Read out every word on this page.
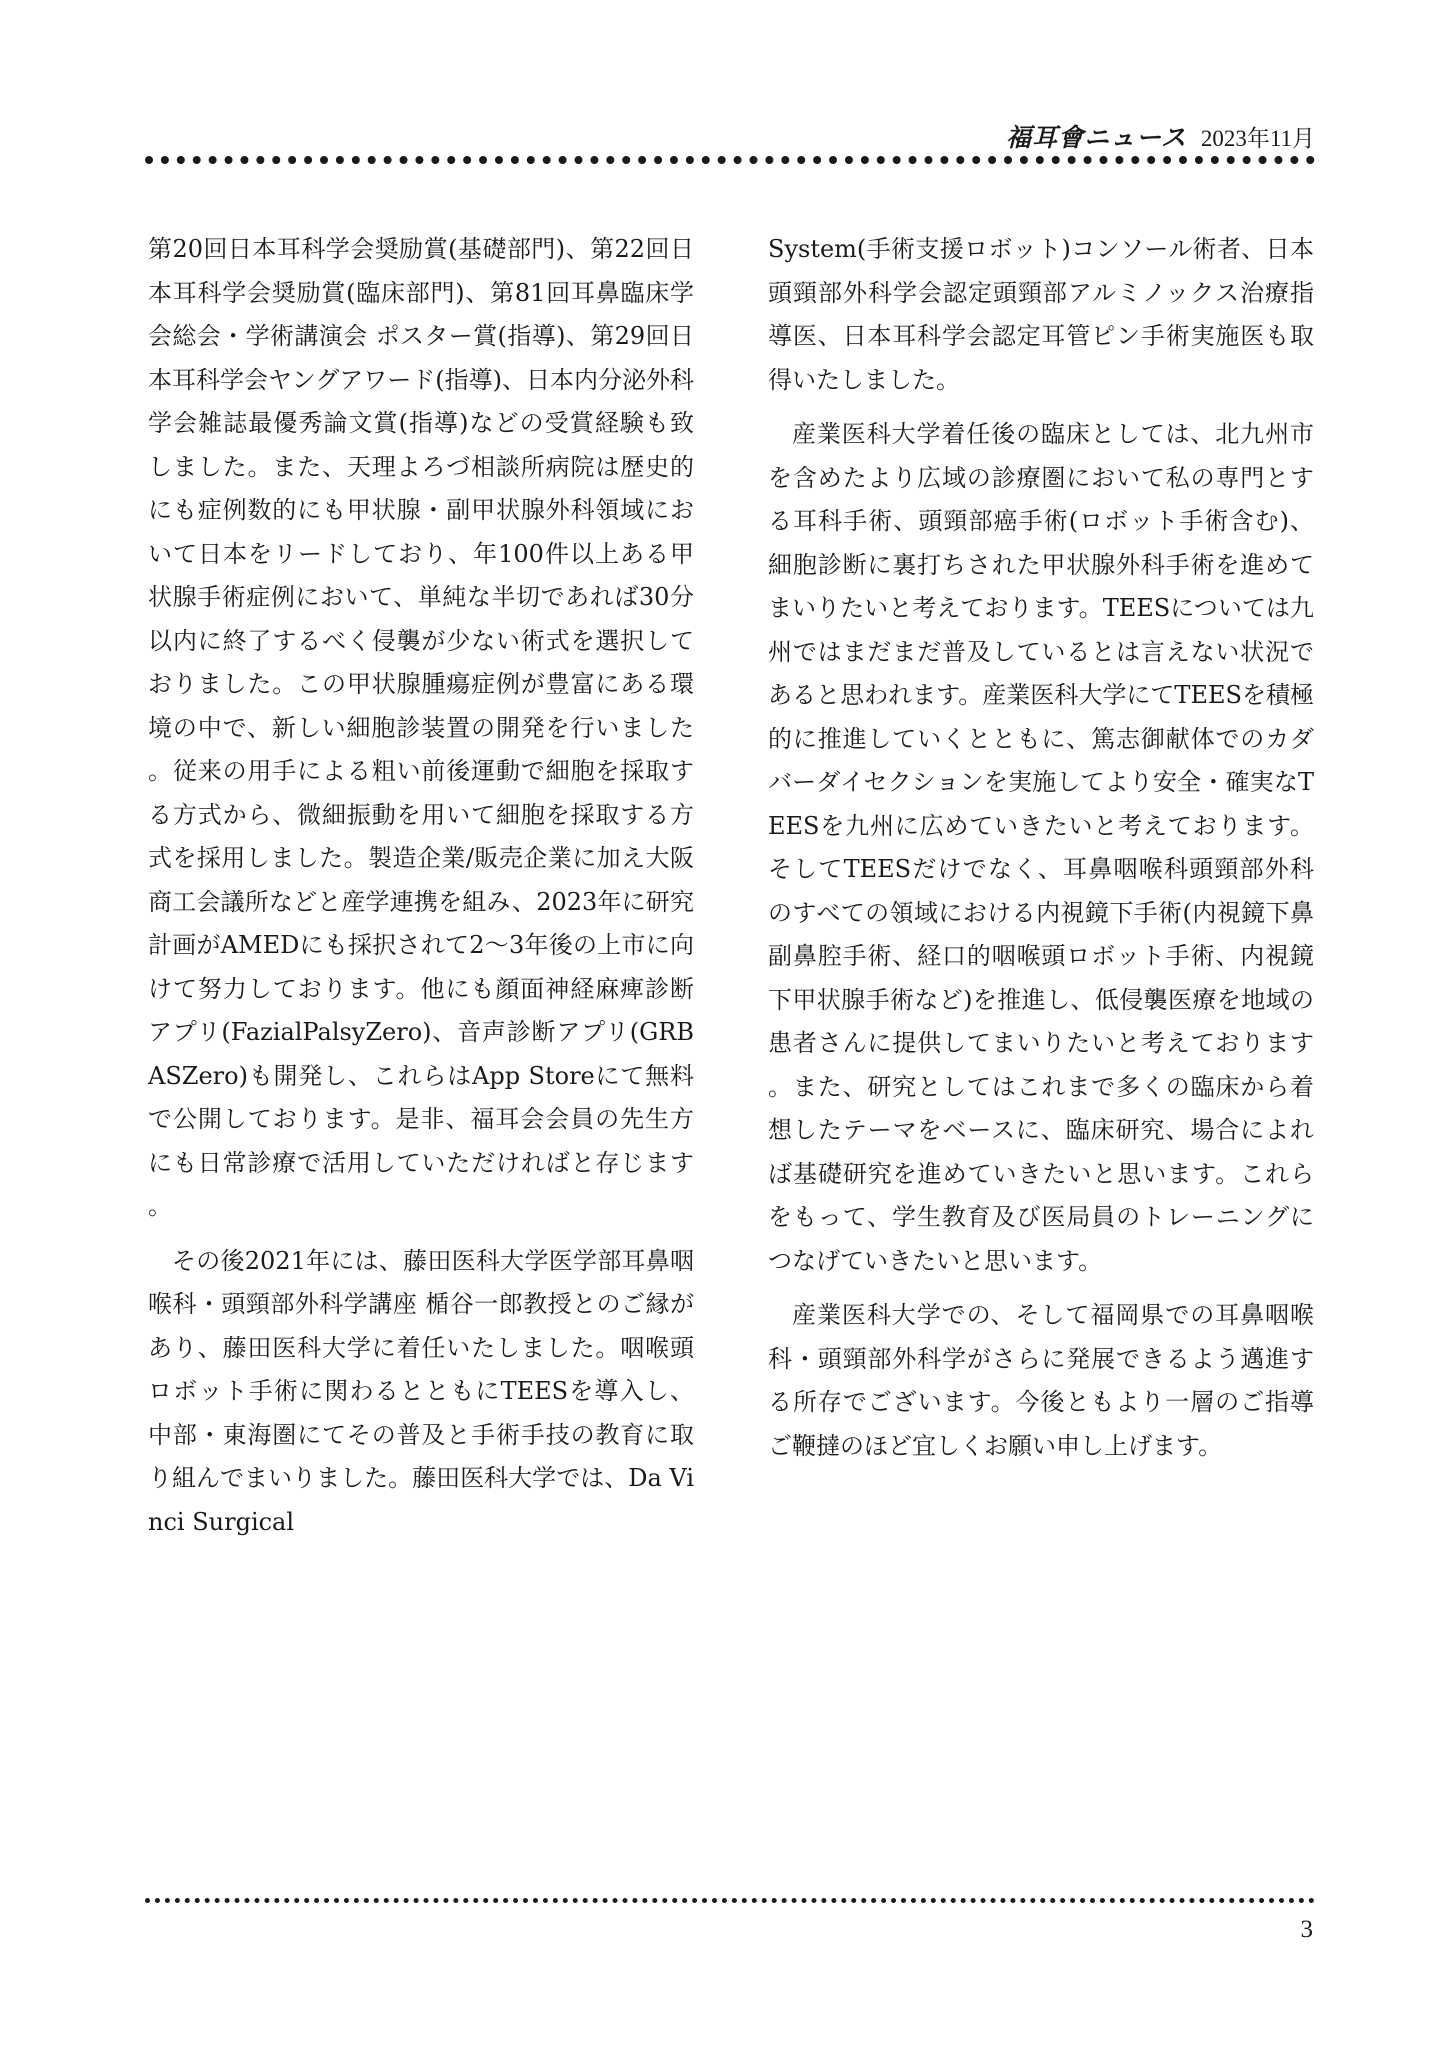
福耳會ニュース 2023年11月

第20回日本耳科学会奨励賞(基礎部門)、第22回日本耳科学会奨励賞(臨床部門)、第81回耳鼻臨床学会総会・学術講演会 ポスター賞(指導)、第29回日本耳科学会ヤングアワード(指導)、日本内分泌外科学会雑誌最優秀論文賞(指導)などの受賞経験も致しました。また、天理よろづ相談所病院は歴史的にも症例数的にも甲状腺・副甲状腺外科領域において日本をリードしており、年100件以上ある甲状腺手術症例において、単純な半切であれば30分以内に終了するべく侵襲が少ない術式を選択しておりました。この甲状腺腫瘍症例が豊富にある環境の中で、新しい細胞診装置の開発を行いました。従来の用手による粗い前後運動で細胞を採取する方式から、微細振動を用いて細胞を採取する方式を採用しました。製造企業/販売企業に加え大阪商工会議所などと産学連携を組み、2023年に研究計画がAMEDにも採択されて2～3年後の上市に向けて努力しております。他にも顔面神経麻痺診断アプリ(FazialPalsyZero)、音声診断アプリ(GRBASZero)も開発し、これらはApp Storeにて無料で公開しております。是非、福耳会会員の先生方にも日常診療で活用していただければと存じます。

その後2021年には、藤田医科大学医学部耳鼻咽喉科・頭頸部外科学講座 楯谷一郎教授とのご縁があり、藤田医科大学に着任いたしました。咽喉頭ロボット手術に関わるとともにTEESを導入し、中部・東海圏にてその普及と手術手技の教育に取り組んでまいりました。藤田医科大学では、Da Vinci Surgical

System(手術支援ロボット)コンソール術者、日本頭頸部外科学会認定頭頸部アルミノックス治療指導医、日本耳科学会認定耳管ピン手術実施医も取得いたしました。

産業医科大学着任後の臨床としては、北九州市を含めたより広域の診療圏において私の専門とする耳科手術、頭頸部癌手術(ロボット手術含む)、細胞診断に裏打ちされた甲状腺外科手術を進めてまいりたいと考えております。TEESについては九州ではまだまだ普及しているとは言えない状況であると思われます。産業医科大学にてTEESを積極的に推進していくとともに、篤志御献体でのカダバーダイセクションを実施してより安全・確実なTEESを九州に広めていきたいと考えております。そしてTEESだけでなく、耳鼻咽喉科頭頸部外科のすべての領域における内視鏡下手術(内視鏡下鼻副鼻腔手術、経口的咽喉頭ロボット手術、内視鏡下甲状腺手術など)を推進し、低侵襲医療を地域の患者さんに提供してまいりたいと考えております。また、研究としてはこれまで多くの臨床から着想したテーマをベースに、臨床研究、場合によれば基礎研究を進めていきたいと思います。これらをもって、学生教育及び医局員のトレーニングにつなげていきたいと思います。

産業医科大学での、そして福岡県での耳鼻咽喉科・頭頸部外科学がさらに発展できるよう邁進する所存でございます。今後ともより一層のご指導ご鞭撻のほど宜しくお願い申し上げます。

3
